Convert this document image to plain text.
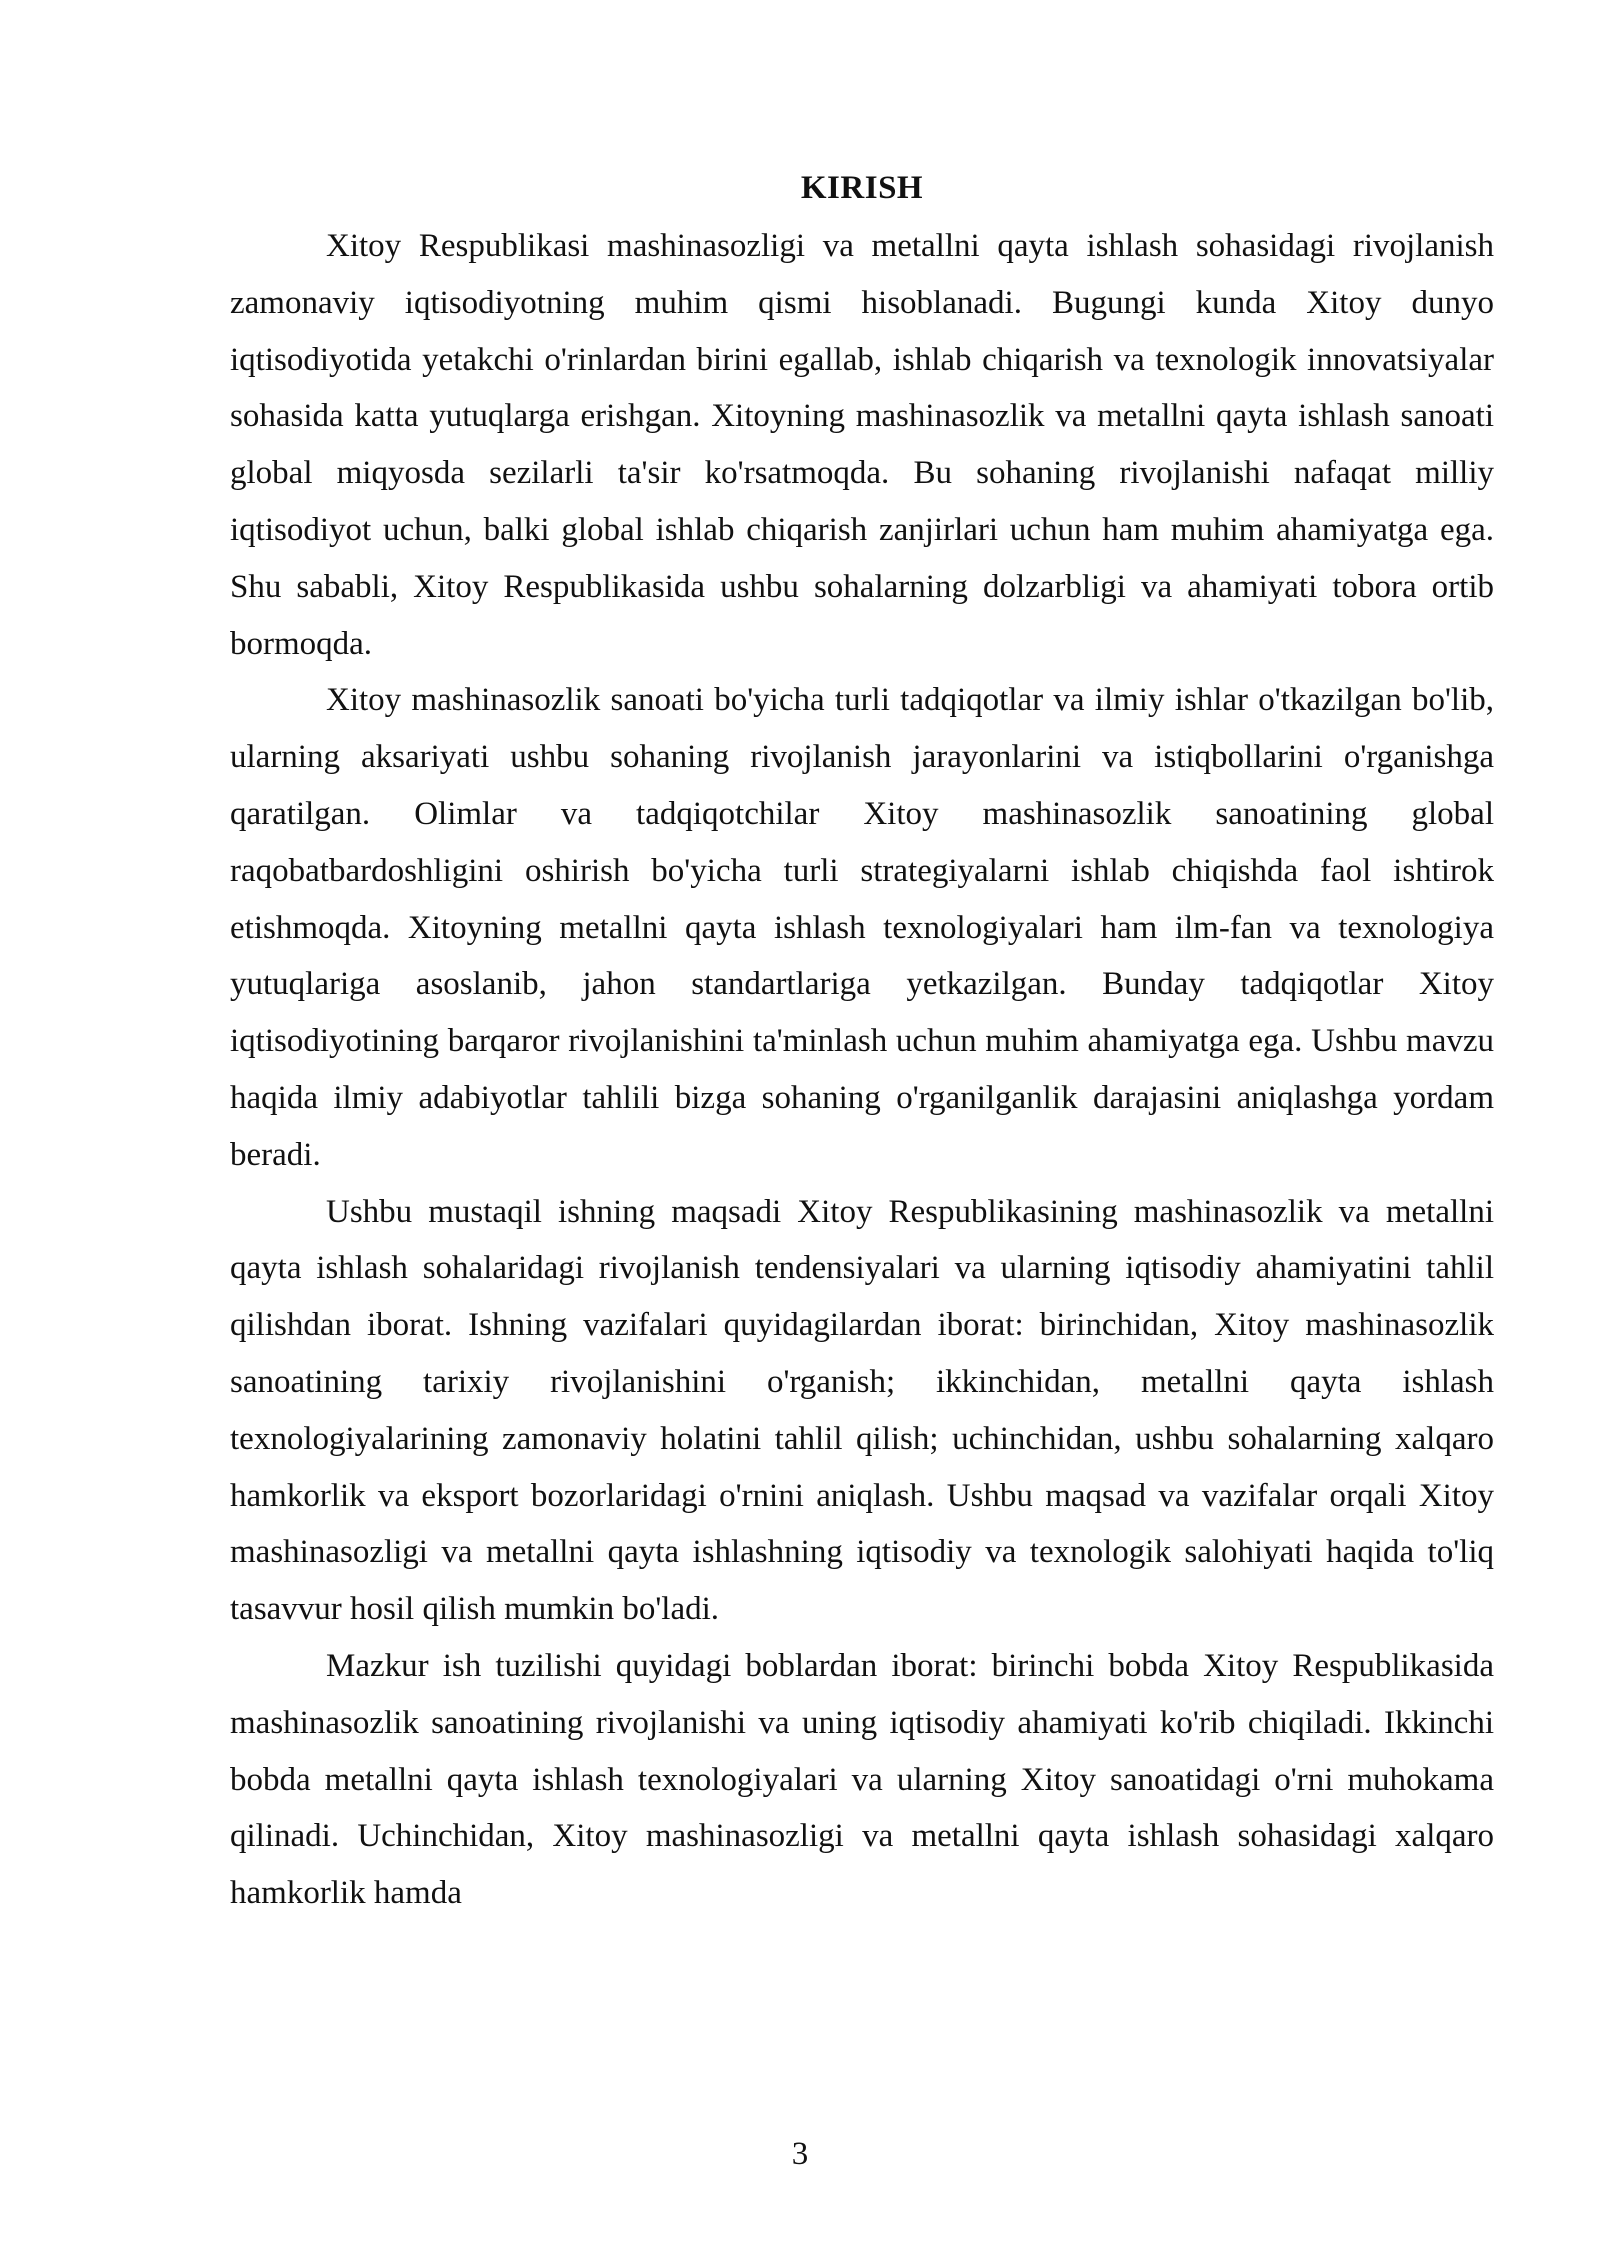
KIRISH

Xitoy Respublikasi mashinasozligi va metallni qayta ishlash sohasidagi rivojlanish zamonaviy iqtisodiyotning muhim qismi hisoblanadi. Bugungi kunda Xitoy dunyo iqtisodiyotida yetakchi o'rinlardan birini egallab, ishlab chiqarish va texnologik innovatsiyalar sohasida katta yutuqlarga erishgan. Xitoyning mashinasozlik va metallni qayta ishlash sanoati global miqyosda sezilarli ta'sir ko'rsatmoqda. Bu sohaning rivojlanishi nafaqat milliy iqtisodiyot uchun, balki global ishlab chiqarish zanjirlari uchun ham muhim ahamiyatga ega. Shu sababli, Xitoy Respublikasida ushbu sohalarning dolzarbligi va ahamiyati tobora ortib bormoqda.

Xitoy mashinasozlik sanoati bo'yicha turli tadqiqotlar va ilmiy ishlar o'tkazilgan bo'lib, ularning aksariyati ushbu sohaning rivojlanish jarayonlarini va istiqbollarini o'rganishga qaratilgan. Olimlar va tadqiqotchilar Xitoy mashinasozlik sanoatining global raqobatbardoshligini oshirish bo'yicha turli strategiyalarni ishlab chiqishda faol ishtirok etishmoqda. Xitoyning metallni qayta ishlash texnologiyalari ham ilm-fan va texnologiya yutuqlariga asoslanib, jahon standartlariga yetkazilgan. Bunday tadqiqotlar Xitoy iqtisodiyotining barqaror rivojlanishini ta'minlash uchun muhim ahamiyatga ega. Ushbu mavzu haqida ilmiy adabiyotlar tahlili bizga sohaning o'rganilganlik darajasini aniqlashga yordam beradi.

Ushbu mustaqil ishning maqsadi Xitoy Respublikasining mashinasozlik va metallni qayta ishlash sohalaridagi rivojlanish tendensiyalari va ularning iqtisodiy ahamiyatini tahlil qilishdan iborat. Ishning vazifalari quyidagilardan iborat: birinchidan, Xitoy mashinasozlik sanoatining tarixiy rivojlanishini o'rganish; ikkinchidan, metallni qayta ishlash texnologiyalarining zamonaviy holatini tahlil qilish; uchinchidan, ushbu sohalarning xalqaro hamkorlik va eksport bozorlaridagi o'rnini aniqlash. Ushbu maqsad va vazifalar orqali Xitoy mashinasozligi va metallni qayta ishlashning iqtisodiy va texnologik salohiyati haqida to'liq tasavvur hosil qilish mumkin bo'ladi.

Mazkur ish tuzilishi quyidagi boblardan iborat: birinchi bobda Xitoy Respublikasida mashinasozlik sanoatining rivojlanishi va uning iqtisodiy ahamiyati ko'rib chiqiladi. Ikkinchi bobda metallni qayta ishlash texnologiyalari va ularning Xitoy sanoatidagi o'rni muhokama qilinadi. Uchinchidan, Xitoy mashinasozligi va metallni qayta ishlash sohasidagi xalqaro hamkorlik hamda

3
